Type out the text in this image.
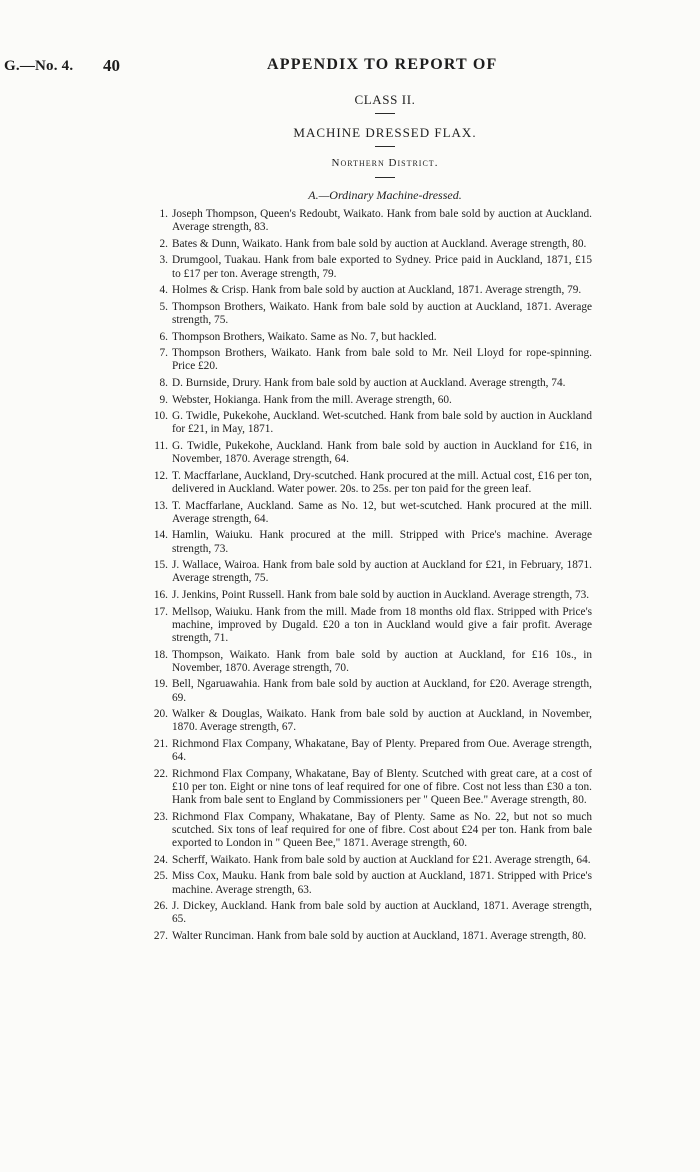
G.—No. 4. 40	APPENDIX TO REPORT OF
CLASS II.
MACHINE DRESSED FLAX.
Northern District.
A.—Ordinary Machine-dressed.
1. Joseph Thompson, Queen's Redoubt, Waikato. Hank from bale sold by auction at Auckland. Average strength, 83.
2. Bates & Dunn, Waikato. Hank from bale sold by auction at Auckland. Average strength, 80.
3. Drumgool, Tuakau. Hank from bale exported to Sydney. Price paid in Auckland, 1871, £15 to £17 per ton. Average strength, 79.
4. Holmes & Crisp. Hank from bale sold by auction at Auckland, 1871. Average strength, 79.
5. Thompson Brothers, Waikato. Hank from bale sold by auction at Auckland, 1871. Average strength, 75.
6. Thompson Brothers, Waikato. Same as No. 7, but hackled.
7. Thompson Brothers, Waikato. Hank from bale sold to Mr. Neil Lloyd for rope-spinning. Price £20.
8. D. Burnside, Drury. Hank from bale sold by auction at Auckland. Average strength, 74.
9. Webster, Hokianga. Hank from the mill. Average strength, 60.
10. G. Twidle, Pukekohe, Auckland. Wet-scutched. Hank from bale sold by auction in Auckland for £21, in May, 1871.
11. G. Twidle, Pukekohe, Auckland. Hank from bale sold by auction in Auckland for £16, in November, 1870. Average strength, 64.
12. T. Macffarlane, Auckland, Dry-scutched. Hank procured at the mill. Actual cost, £16 per ton, delivered in Auckland. Water power. 20s. to 25s. per ton paid for the green leaf.
13. T. Macffarlane, Auckland. Same as No. 12, but wet-scutched. Hank procured at the mill. Average strength, 64.
14. Hamlin, Waiuku. Hank procured at the mill. Stripped with Price's machine. Average strength, 73.
15. J. Wallace, Wairoa. Hank from bale sold by auction at Auckland for £21, in February, 1871. Average strength, 75.
16. J. Jenkins, Point Russell. Hank from bale sold by auction in Auckland. Average strength, 73.
17. Mellsop, Waiuku. Hank from the mill. Made from 18 months old flax. Stripped with Price's machine, improved by Dugald. £20 a ton in Auckland would give a fair profit. Average strength, 71.
18. Thompson, Waikato. Hank from bale sold by auction at Auckland, for £16 10s., in November, 1870. Average strength, 70.
19. Bell, Ngaruawahia. Hank from bale sold by auction at Auckland, for £20. Average strength, 69.
20. Walker & Douglas, Waikato. Hank from bale sold by auction at Auckland, in November, 1870. Average strength, 67.
21. Richmond Flax Company, Whakatane, Bay of Plenty. Prepared from Oue. Average strength, 64.
22. Richmond Flax Company, Whakatane, Bay of Blenty. Scutched with great care, at a cost of £10 per ton. Eight or nine tons of leaf required for one of fibre. Cost not less than £30 a ton. Hank from bale sent to England by Commissioners per " Queen Bee." Average strength, 80.
23. Richmond Flax Company, Whakatane, Bay of Plenty. Same as No. 22, but not so much scutched. Six tons of leaf required for one of fibre. Cost about £24 per ton. Hank from bale exported to London in " Queen Bee," 1871. Average strength, 60.
24. Scherff, Waikato. Hank from bale sold by auction at Auckland for £21. Average strength, 64.
25. Miss Cox, Mauku. Hank from bale sold by auction at Auckland, 1871. Stripped with Price's machine. Average strength, 63.
26. J. Dickey, Auckland. Hank from bale sold by auction at Auckland, 1871. Average strength, 65.
27. Walter Runciman. Hank from bale sold by auction at Auckland, 1871. Average strength, 80.
